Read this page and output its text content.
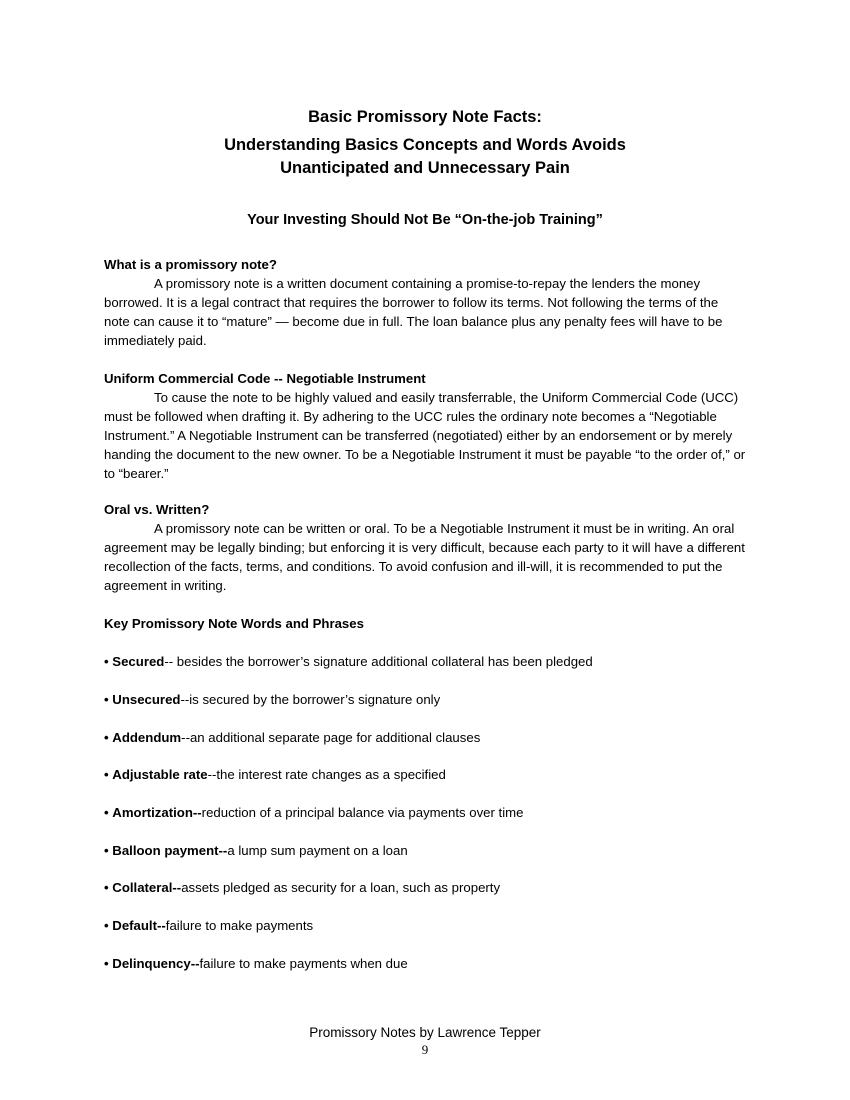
Basic Promissory Note Facts:
Understanding Basics Concepts and Words Avoids
Unanticipated and Unnecessary Pain
Your Investing Should Not Be “On-the-job Training”
What is a promissory note?

A promissory note is a written document containing a promise-to-repay the lenders the money borrowed. It is a legal contract that requires the borrower to follow its terms. Not following the terms of the note can cause it to “mature” — become due in full. The loan balance plus any penalty fees will have to be immediately paid.

Uniform Commercial Code -- Negotiable Instrument

To cause the note to be highly valued and easily transferrable, the Uniform Commercial Code (UCC) must be followed when drafting it. By adhering to the UCC rules the ordinary note becomes a “Negotiable Instrument.” A Negotiable Instrument can be transferred (negotiated) either by an endorsement or by merely handing the document to the new owner. To be a Negotiable Instrument it must be payable “to the order of,” or to “bearer.”

Oral vs. Written?

A promissory note can be written or oral. To be a Negotiable Instrument it must be in writing. An oral agreement may be legally binding; but enforcing it is very difficult, because each party to it will have a different recollection of the facts, terms, and conditions. To avoid confusion and ill-will, it is recommended to put the agreement in writing.

Key Promissory Note Words and Phrases
• Secured-- besides the borrower’s signature additional collateral has been pledged
• Unsecured--is secured by the borrower’s signature only
• Addendum--an additional separate page for additional clauses
• Adjustable rate--the interest rate changes as a specified
• Amortization--reduction of a principal balance via payments over time
• Balloon payment--a lump sum payment on a loan
• Collateral--assets pledged as security for a loan, such as property
• Default--failure to make payments
• Delinquency--failure to make payments when due
Promissory Notes by Lawrence Tepper
9
